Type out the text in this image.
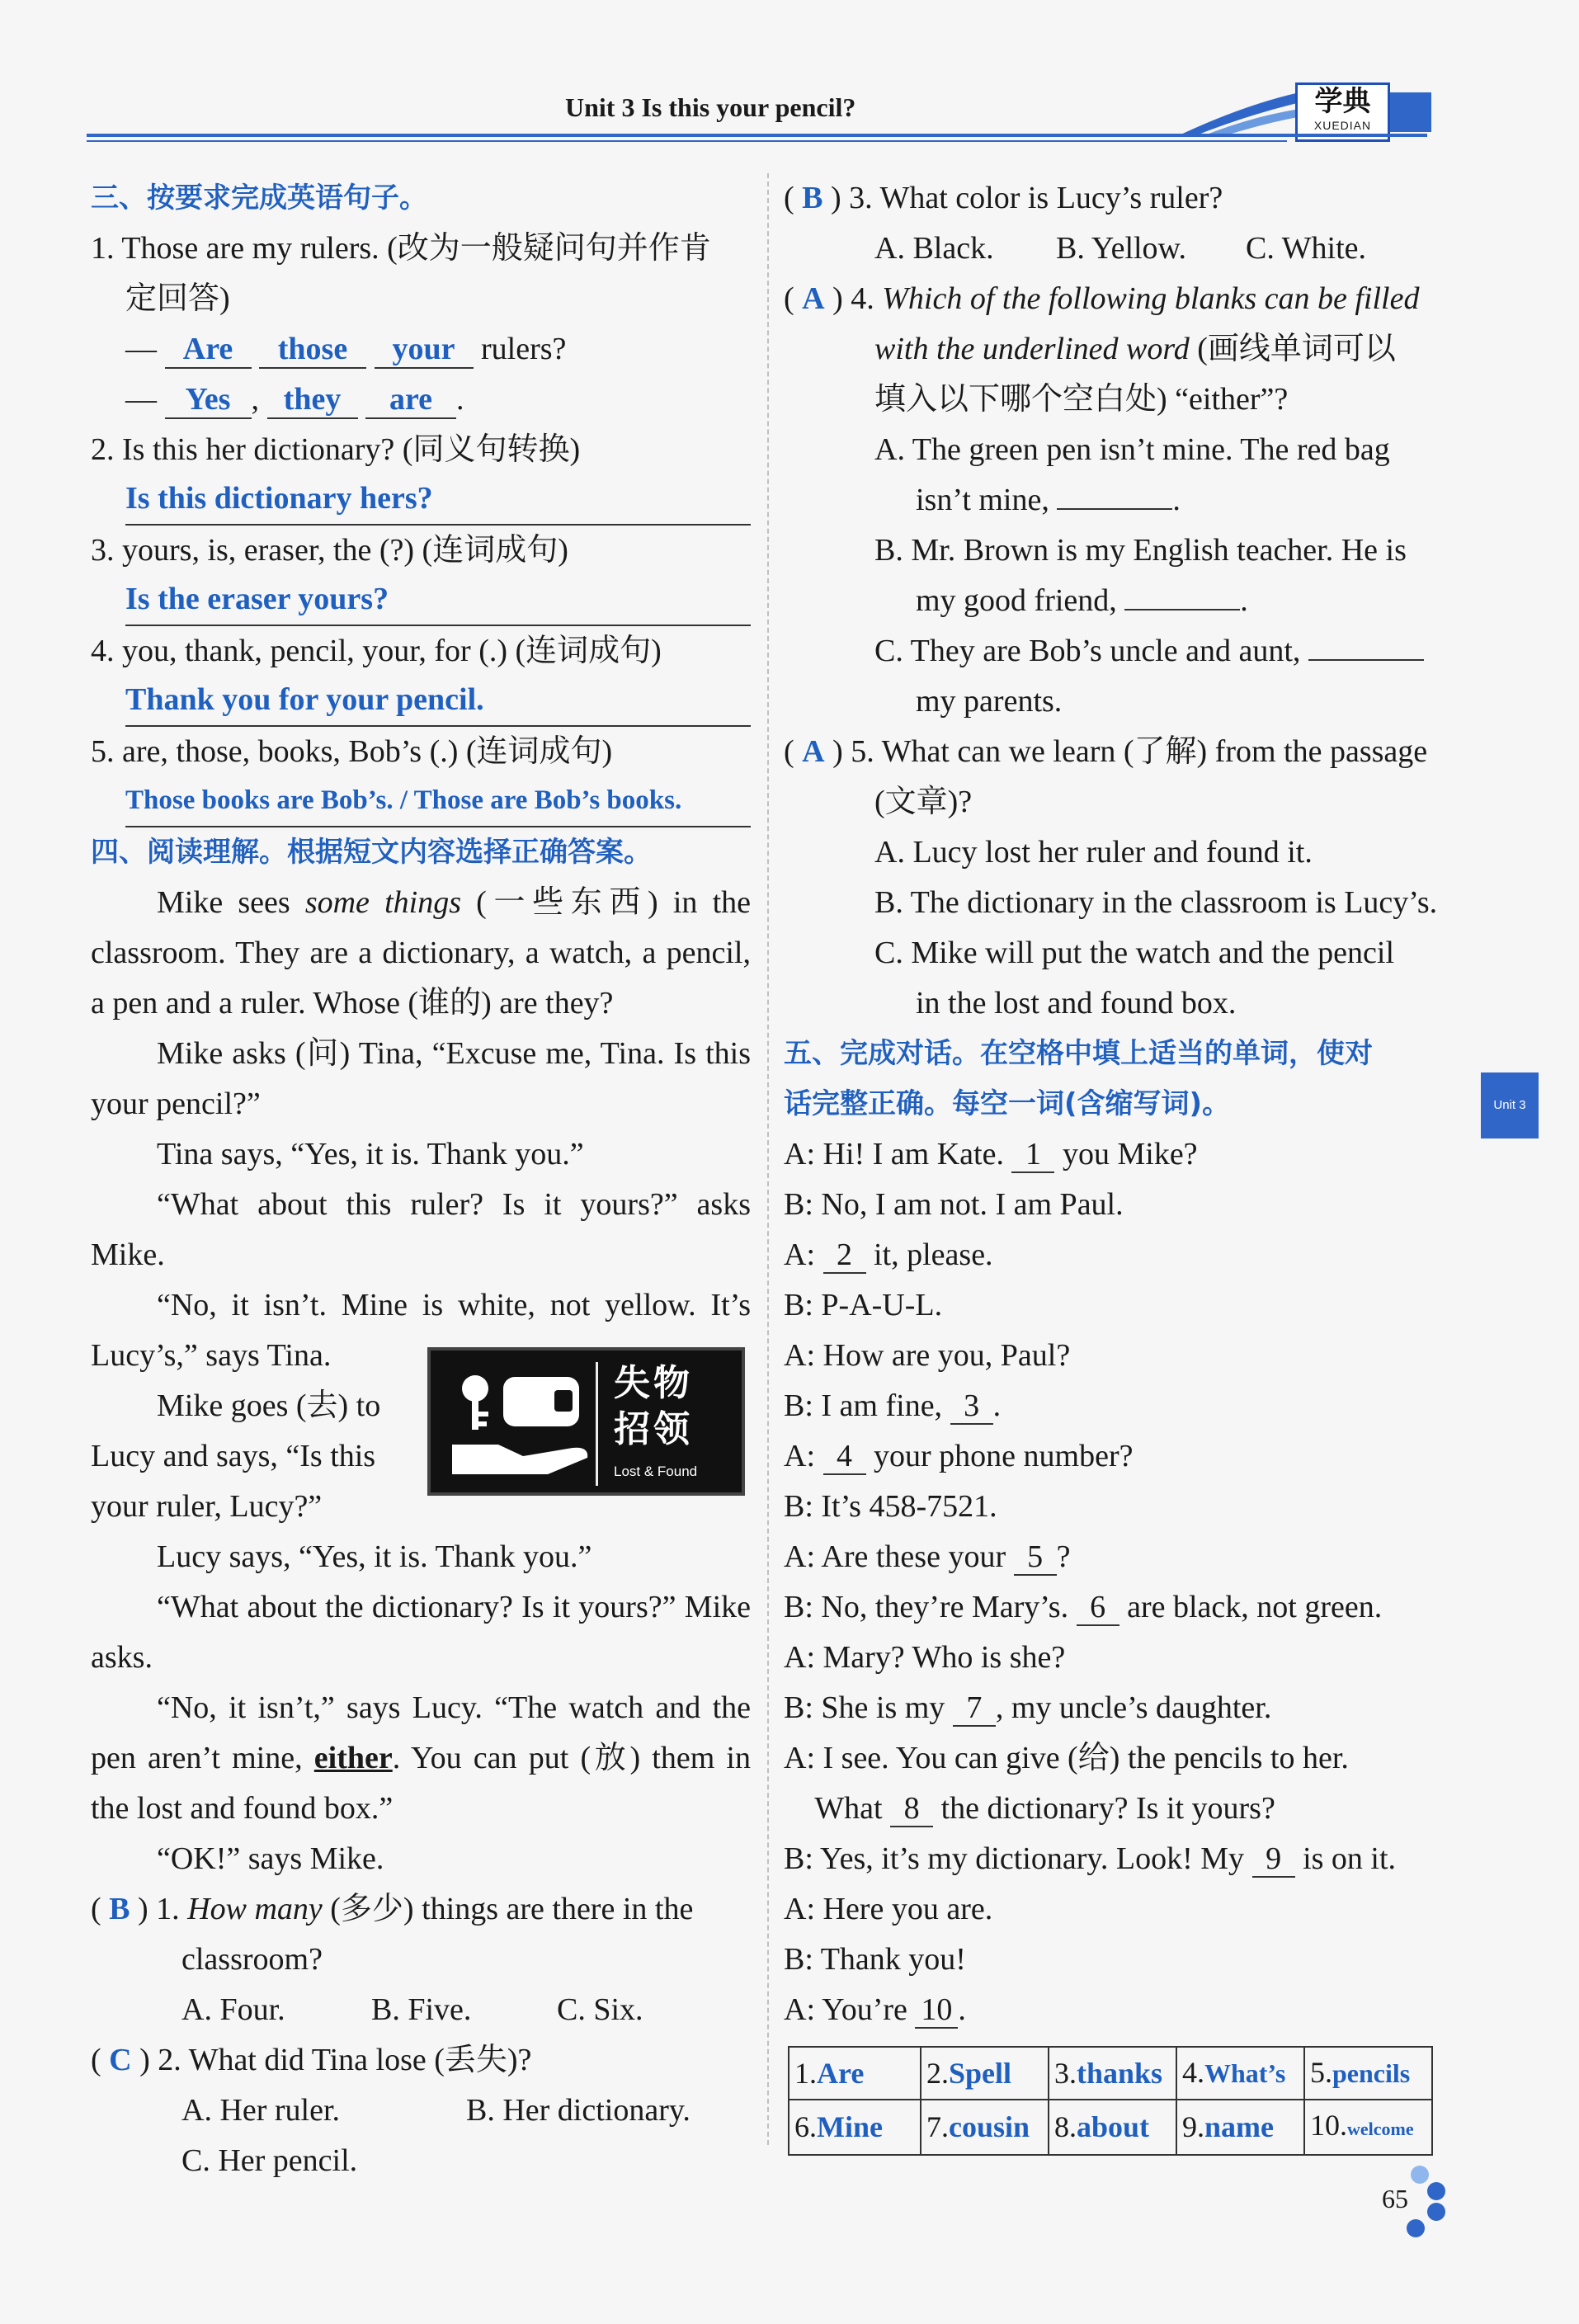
Unit 3 Is this your pencil?	学典
XUEDIAN
三、按要求完成英语句子。
1. Those are my rulers. (改为一般疑问句并作肯
定回答)
— Are those your rulers?
— Yes , they are .
2. Is this her dictionary? (同义句转换)
Is this dictionary hers?
3. yours, is, eraser, the (?) (连词成句)
Is the eraser yours?
4. you, thank, pencil, your, for (.) (连词成句)
Thank you for your pencil.
5. are, those, books, Bob’s (.) (连词成句)
Those books are Bob’s. / Those are Bob’s books.
四、阅读理解。根据短文内容选择正确答案。
Mike sees some things (一些东西) in the classroom. They are a dictionary, a watch, a pencil, a pen and a ruler. Whose (谁的) are they?
Mike asks (问) Tina, “Excuse me, Tina. Is this your pencil?”
Tina says, “Yes, it is. Thank you.”
“What about this ruler? Is it yours?” asks Mike.
“No, it isn’t. Mine is white, not yellow. It’s Lucy’s,” says Tina.
Mike goes (去) to
Lucy and says, “Is this
your ruler, Lucy?”
Lucy says, “Yes, it is. Thank you.”
“What about the dictionary? Is it yours?” Mike asks.
“No, it isn’t,” says Lucy. “The watch and the pen aren’t mine, either. You can put (放) them in the lost and found box.”
“OK!” says Mike.
( B ) 1. How many (多少) things are there in the
classroom?
A. Four.	B. Five.	C. Six.
( C ) 2. What did Tina lose (丢失)?
A. Her ruler.	B. Her dictionary.
C. Her pencil.
失物
招领
Lost & Found
( B ) 3. What color is Lucy’s ruler?
A. Black. B. Yellow. C. White.
( A ) 4. Which of the following blanks can be filled
with the underlined word (画线单词可以
填入以下哪个空白处) “either”?
A. The green pen isn’t mine. The red bag
isn’t mine,	.
B. Mr. Brown is my English teacher. He is
my good friend,	.
C. They are Bob’s uncle and aunt,
my parents.
( A ) 5. What can we learn (了解) from the passage
(文章)?
A. Lucy lost her ruler and found it.
B. The dictionary in the classroom is Lucy’s.
C. Mike will put the watch and the pencil
in the lost and found box.
五、完成对话。在空格中填上适当的单词，使对
话完整正确。每空一词(含缩写词)。
A: Hi! I am Kate. 1 you Mike?
B: No, I am not. I am Paul.
A: 2 it, please.
B: P-A-U-L.
A: How are you, Paul?
B: I am fine, 3 .
A: 4 your phone number?
B: It’s 458-7521.
A: Are these your 5 ?
B: No, they’re Mary’s. 6 are black, not green.
A: Mary? Who is she?
B: She is my 7 , my uncle’s daughter.
A: I see. You can give (给) the pencils to her.
What 8 the dictionary? Is it yours?
B: Yes, it’s my dictionary. Look! My 9 is on it.
A: Here you are.
B: Thank you!
A: You’re 10 .
1.Are	2.Spell	3.thanks	4.What’s	5.pencils
6.Mine	7.cousin	8.about	9.name	10.welcome
Unit 3
65
